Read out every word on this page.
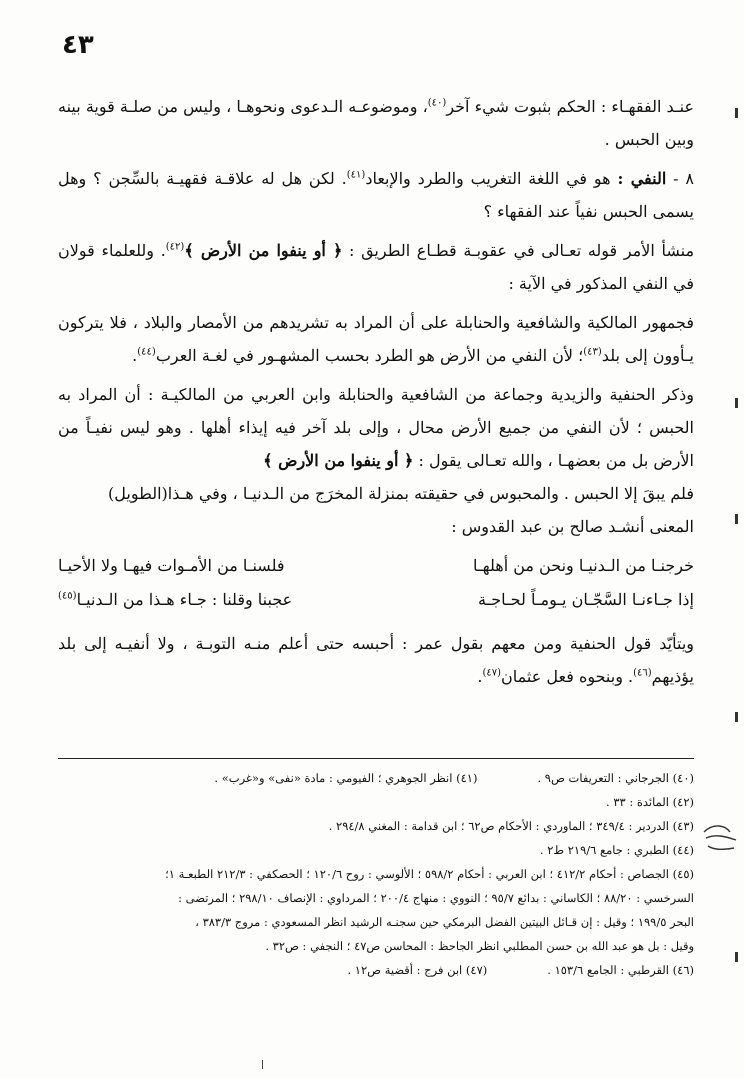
٤٣

عنـد الفقهـاء : الحكم بثبوت شيء آخر$^{(٤٠)}$، وموضوعـه الـدعوى ونحوهـا ، وليس من صلـة قوية بينه وبين الحبس .

٨ - النفي : هو في اللغة التغريب والطرد والإبعاد$^{(٤١)}$. لكن هل له علاقـة فقهيـة بالسِّجن ؟ وهل يسمى الحبس نفياً عند الفقهاء ؟

منشأ الأمر قوله تعـالى في عقوبـة قطـاع الطريق : ﴿ أو ينفوا من الأرض ﴾$^{(٤٢)}$. وللعلماء قولان في النفي المذكور في الآية :

فجمهور المالكية والشافعية والحنابلة على أن المراد به تشريدهم من الأمصار والبلاد ، فلا يتركون يـأوون إلى بلد$^{(٤٣)}$؛ لأن النفي من الأرض هو الطرد بحسب المشهـور في لغـة العرب$^{(٤٤)}$.

وذكر الحنفية والزيدية وجماعة من الشافعية والحنابلة وابن العربي من المالكيـة : أن المراد به الحبس ؛ لأن النفي من جميع الأرض محال ، وإلى بلد آخر فيه إيذاء أهلها . وهو ليس نفيـاً من الأرض بل من بعضهـا ، والله تعـالى يقول : ﴿ أو ينفوا من الأرض ﴾
فلم يبقَ إلا الحبس . والمحبوس في حقيقته بمنزلة المخرَج من الـدنيـا ، وفي هـذا المعنى أنشـد صالح بن عبد القدوس :
(الطويل)
خرجنـا من الـدنيـا ونحن من أهلهـا
فلسنـا من الأمـوات فيهـا ولا الأحيـا
إذا جـاءنـا السَّجّـان يـومـاً لحـاجـة
عجبنا وقلنا : جـاء هـذا من الـدنيـا$^{(٤٥)}$

ويتأيّد قول الحنفية ومن معهم بقول عمر : أحبسه حتى أعلم منـه التوبـة ، ولا أنفيـه إلى بلد يؤذيهم$^{(٤٦)}$. وبنحوه فعل عثمان$^{(٤٧)}$.

(٤٠) الجرجاني : التعريفات ص٩ .
(٤١) انظر الجوهري ؛ الفيومي : مادة «نفى» و«غرب» .
(٤٢) المائدة : ٣٣ .
(٤٣) الدردير : ٣٤٩/٤ ؛ الماوردي : الأحكام ص٦٢ ؛ ابن قدامة : المغني ٢٩٤/٨ .
(٤٤) الطبري : جامع ٢١٩/٦ ط٢ .
(٤٥) الجصاص : أحكام ٤١٢/٢ ؛ ابن العربي : أحكام ٥٩٨/٢ ؛ الألوسي : روح ١٢٠/٦ ؛ الحصكفي : ٢١٢/٣ الطبعـة ١؛
السرخسي : ٨٨/٢٠ ؛ الكاساني : بدائع ٩٥/٧ ؛ النووي : منهاج ٢٠٠/٤ ؛ المرداوي : الإنصاف ٢٩٨/١٠ ؛ المرتضى :
البحر ١٩٩/٥ ؛ وقيل : إن قـائل البيتين الفضل البرمكي حين سجنـه الرشيد انظر المسعودي : مروج ٣٨٣/٣ ،
وقيل : بل هو عبد الله بن حسن المطلبي انظر الجاحظ : المحاسن ص٤٧ ؛ النجفي : ص٣٢ .
(٤٦) القرطبي : الجامع ١٥٣/٦ .
(٤٧) ابن فرج : أقضية ص١٢ .
